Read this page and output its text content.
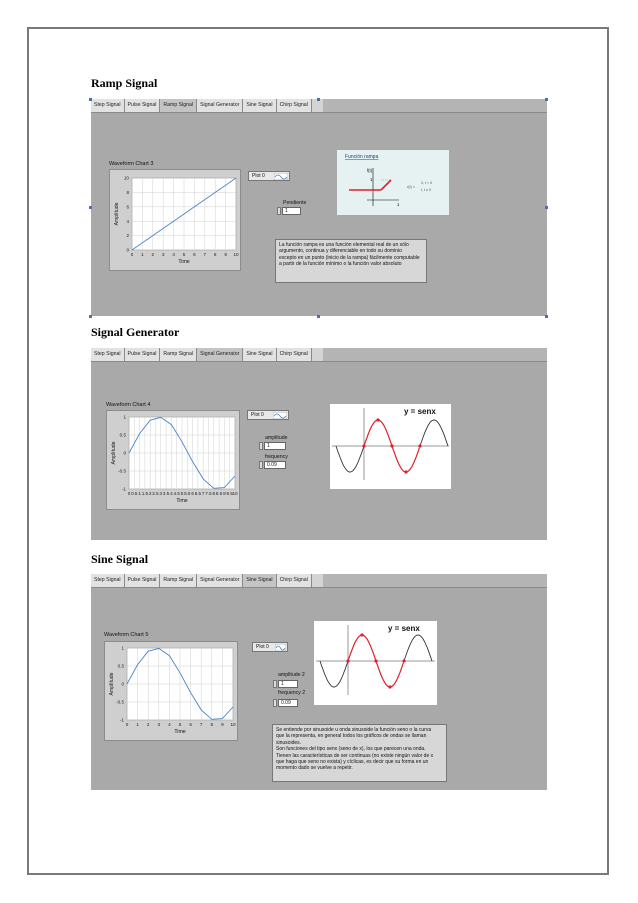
Ramp Signal
Step Signal	Pulse Signal	Ramp Signal	Signal Generator	Sine Signal	Chirp Signal
Waveform Chart 3
0 1 2 3 4 5 6 7 8 9 10
0
2
4
6
8
10
Time
Amplitude
Plot 0
Pendiente
1
Función rampa
f(t)
1
1
r(t) =
0, t < 0
t, t ≥ 0
La función rampa es una función elemental real de un sólo
argumento, continua y diferenciable en todo su dominio
excepto en un punto (inicio de la rampa) fácilmente computable
a partir de la función mínimo o la función valor absoluto
Signal Generator
Step Signal	Pulse Signal	Ramp Signal	Signal Generator	Sine Signal	Chirp Signal
Waveform Chart 4
0 0.5 1 1.5 2 2.5 3 3.5 4 4.5 5 5.5 6 6.5 7 7.5 8 8.5 9 9.5 10
-1
-0.5
0
0.5
1
Time
Amplitude
Plot 0
amplitude
1
frequency
0.09
y = senx
Sine Signal
Step Signal	Pulse Signal	Ramp Signal	Signal Generator	Sine Signal	Chirp Signal
Waveform Chart 5
0 1 2 3 4 5 6 7 8 9 10
-1
-0.5
0
0.5
1
Time
Amplitude
Plot 0
amplitude 2
1
frequency 2
0.09
y = senx
Se entiende por sinusoide u onda sinusoide la función seno o la curva
que la representa, en general todos los gráficos de ondas se llaman
sinusoides.
Son funciones del tipo senx (seno de x), los que parecen una onda.
Tienen las características de ser continuas (no existe ningún valor de x
que haga que seno no exista) y cíclicas, es decir que su forma en un
momento dado se vuelve a repetir.
